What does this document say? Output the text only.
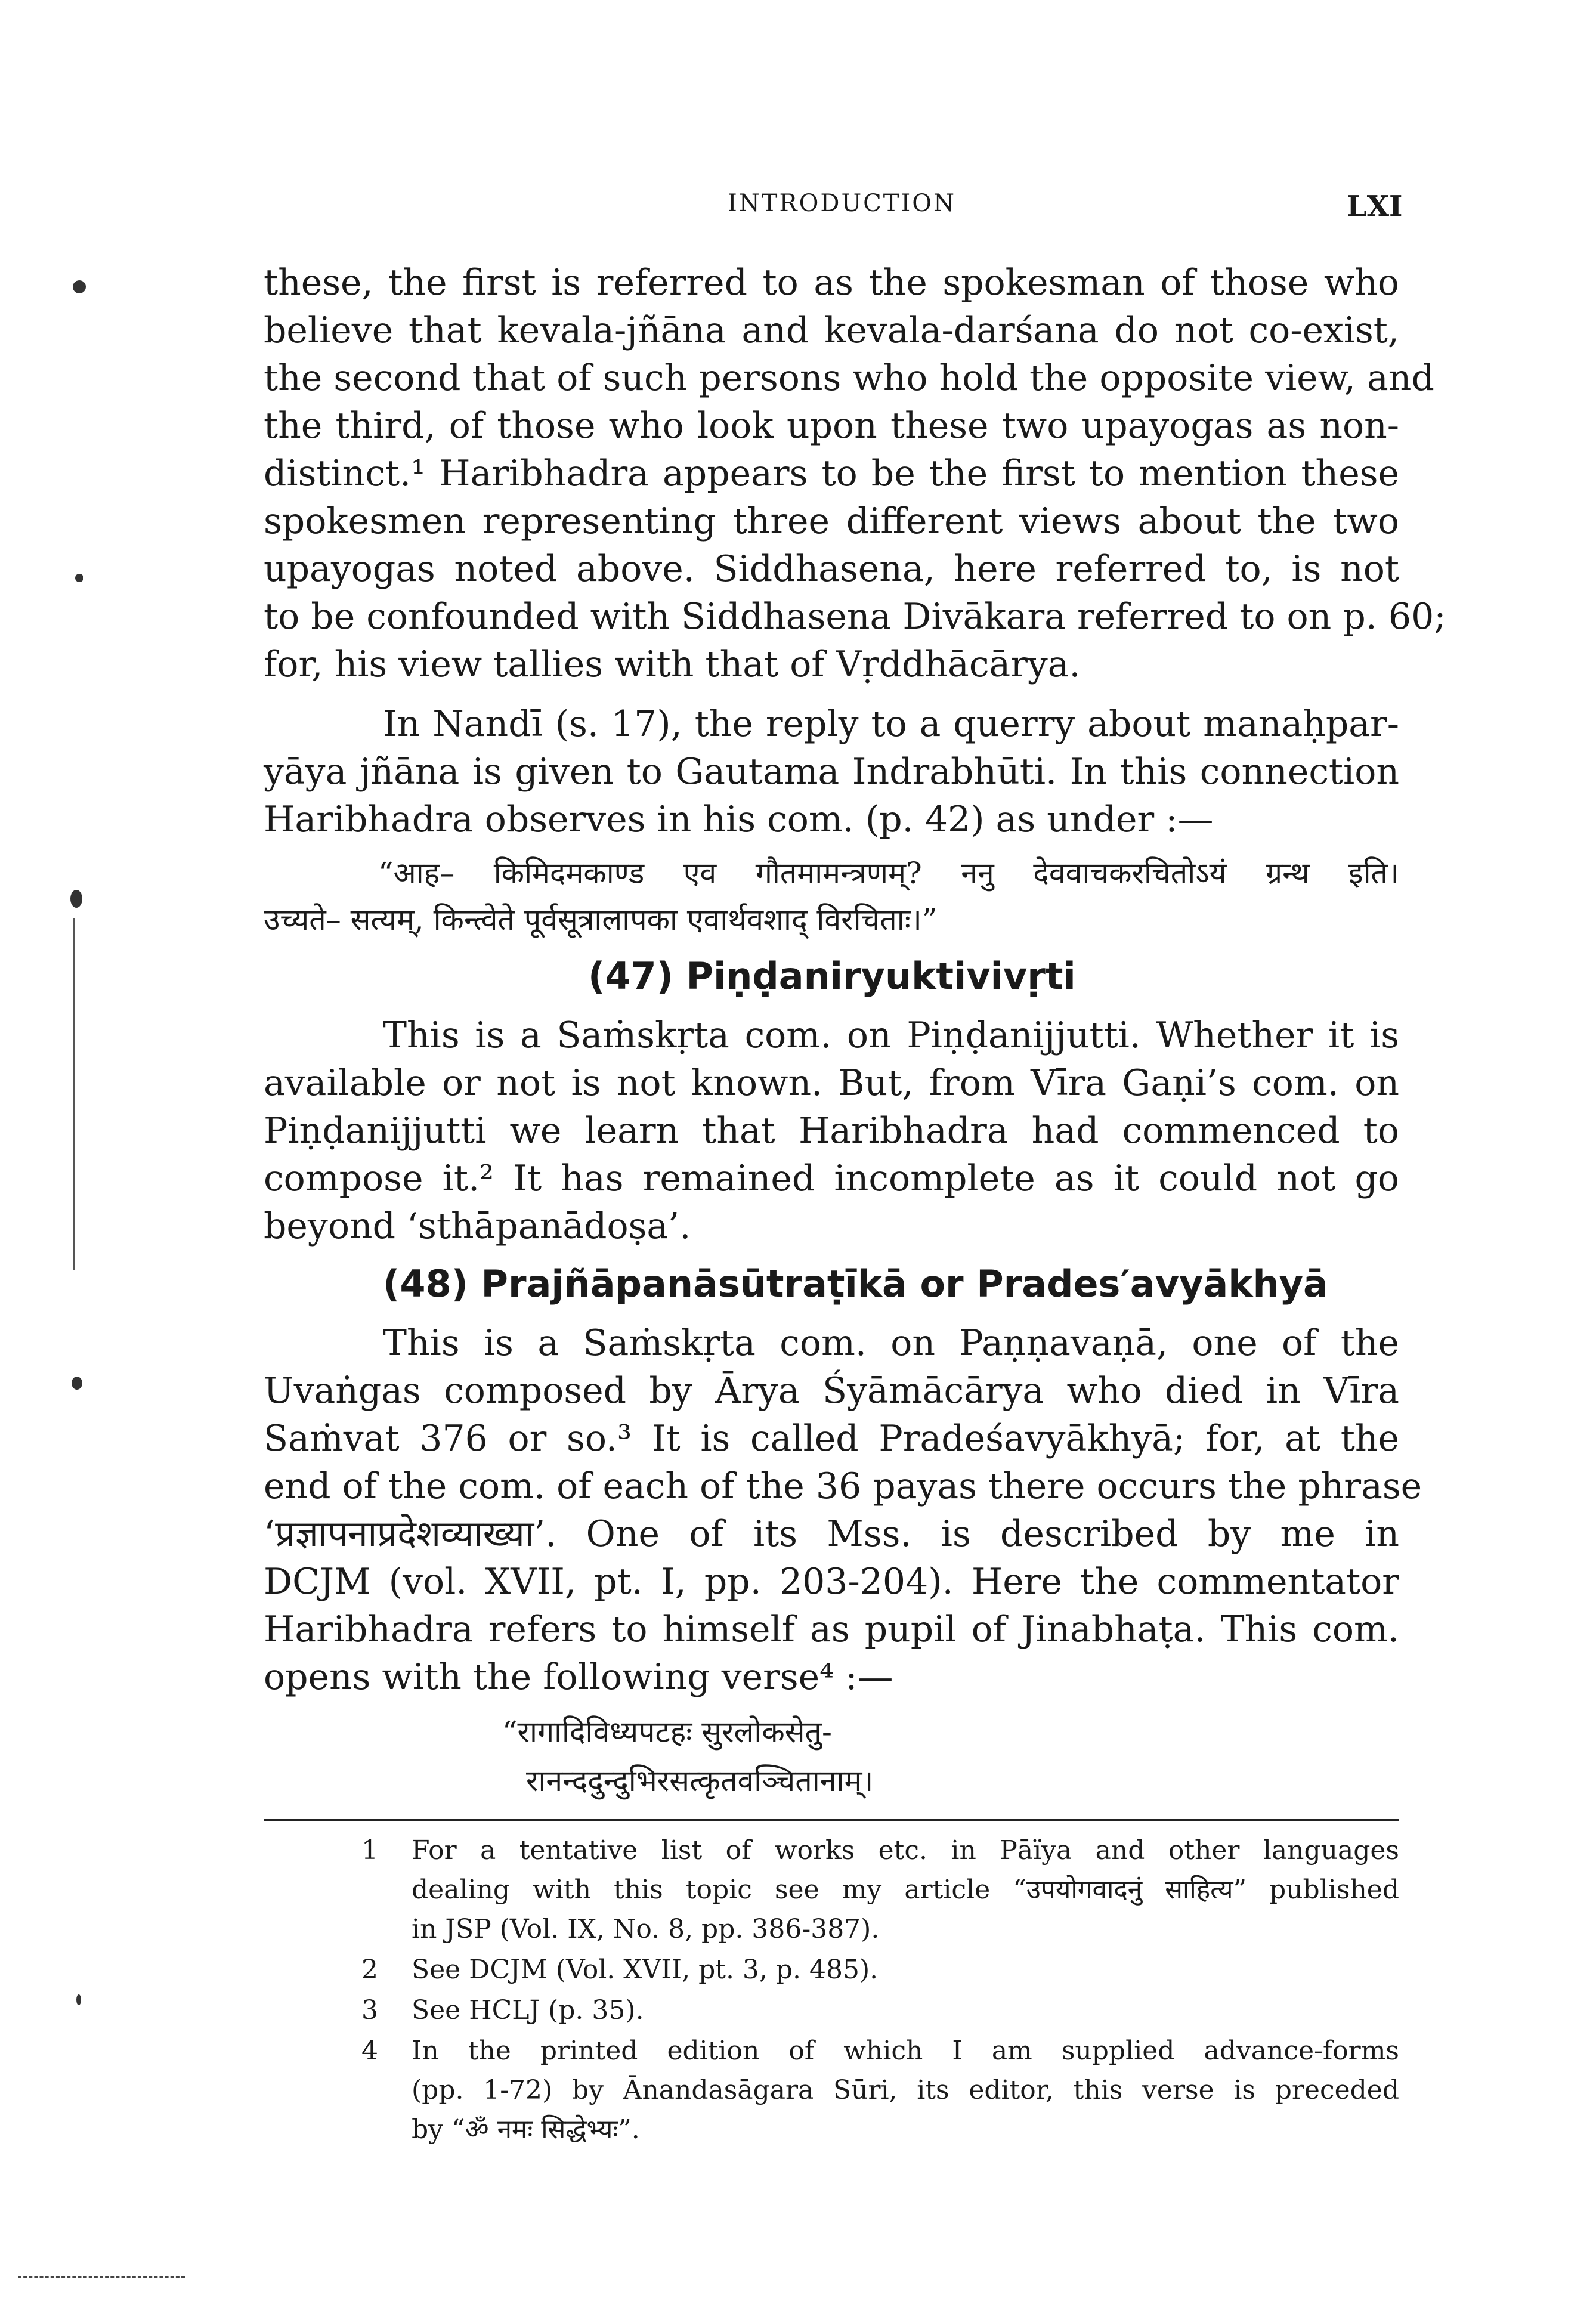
INTRODUCTION	LXI
these, the first is referred to as the spokesman of those who
believe that kevala-jñāna and kevala-darśana do not co-exist,
the second that of such persons who hold the opposite view, and
the third, of those who look upon these two upayogas as non-
distinct.¹ Haribhadra appears to be the first to mention these
spokesmen representing three different views about the two
upayogas noted above. Siddhasena, here referred to, is not
to be confounded with Siddhasena Divākara referred to on p. 60;
for, his view tallies with that of Vṛddhācārya.
In Nandī (s. 17), the reply to a querry about manaḥpar-
yāya jñāna is given to Gautama Indrabhūti. In this connection
Haribhadra observes in his com. (p. 42) as under :—
“आह– किमिदमकाण्ड एव गौतमामन्त्रणम्? ननु देववाचकरचितोऽयं ग्रन्थ इति।
उच्यते– सत्यम्, किन्त्वेते पूर्वसूत्रालापका एवार्थवशाद् विरचिताः।”
(47) Piṇḍaniryuktivivṛti
This is a Saṁskṛta com. on Piṇḍanijjutti. Whether it is
available or not is not known. But, from Vīra Gaṇi’s com. on
Piṇḍanijjutti we learn that Haribhadra had commenced to
compose it.² It has remained incomplete as it could not go
beyond ‘sthāpanādoṣa’.
(48) Prajñāpanāsūtraṭīkā or Prades′avyākhyā
This is a Saṁskṛta com. on Paṇṇavaṇā, one of the
Uvaṅgas composed by Ārya Śyāmācārya who died in Vīra
Saṁvat 376 or so.³ It is called Pradeśavyākhyā; for, at the
end of the com. of each of the 36 payas there occurs the phrase
‘प्रज्ञापनाप्रदेशव्याख्या’. One of its Mss. is described by me in
DCJM (vol. XVII, pt. I, pp. 203-204). Here the commentator
Haribhadra refers to himself as pupil of Jinabhaṭa. This com.
opens with the following verse⁴ :—
“रागादिविध्यपटहः सुरलोकसेतु-
रानन्ददुन्दुभिरसत्कृतवञ्चितानाम्।
1 For a tentative list of works etc. in Pāïya and other languages
dealing with this topic see my article “उपयोगवादनुं साहित्य” published
in JSP (Vol. IX, No. 8, pp. 386-387).
2 See DCJM (Vol. XVII, pt. 3, p. 485).
3 See HCLJ (p. 35).
4 In the printed edition of which I am supplied advance-forms
(pp. 1-72) by Ānandasāgara Sūri, its editor, this verse is preceded
by “ॐ नमः सिद्धेभ्यः”.
